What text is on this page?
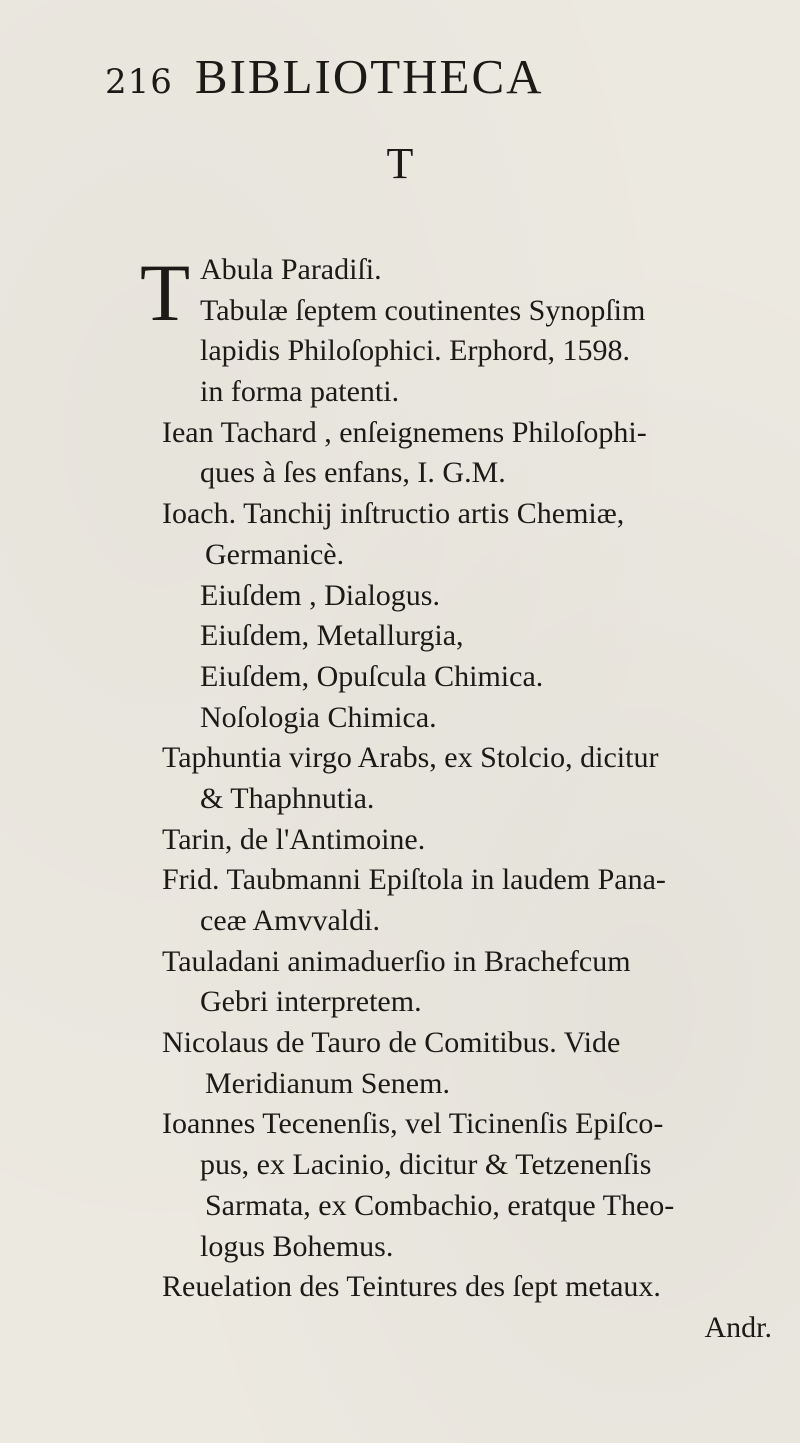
216 BIBLIOTHECA
T
T Abula Paradiſi.
Tabulæ ſeptem coutinentes Synopſim
lapidis Philoſophici. Erphord, 1598.
in forma patenti.
Iean Tachard , enſeignemens Philoſophi-
ques à ſes enfans, I. G.M.
Ioach. Tanchij inſtructio artis Chemiæ,
Germanicè.
Eiuſdem , Dialogus.
Eiuſdem, Metallurgia,
Eiuſdem, Opuſcula Chimica.
Noſologia Chimica.
Taphuntia virgo Arabs, ex Stolcio, dicitur
& Thaphnutia.
Tarin, de l'Antimoine.
Frid. Taubmanni Epiſtola in laudem Pana-
ceæ Amvvaldi.
Tauladani animaduerſio in Brachefcum
Gebri interpretem.
Nicolaus de Tauro de Comitibus. Vide
Meridianum Senem.
Ioannes Tecenenſis, vel Ticinenſis Epiſco-
pus, ex Lacinio, dicitur & Tetzenenſis
Sarmata, ex Combachio, eratque Theo-
logus Bohemus.
Reuelation des Teintures des ſept metaux.
Andr.
